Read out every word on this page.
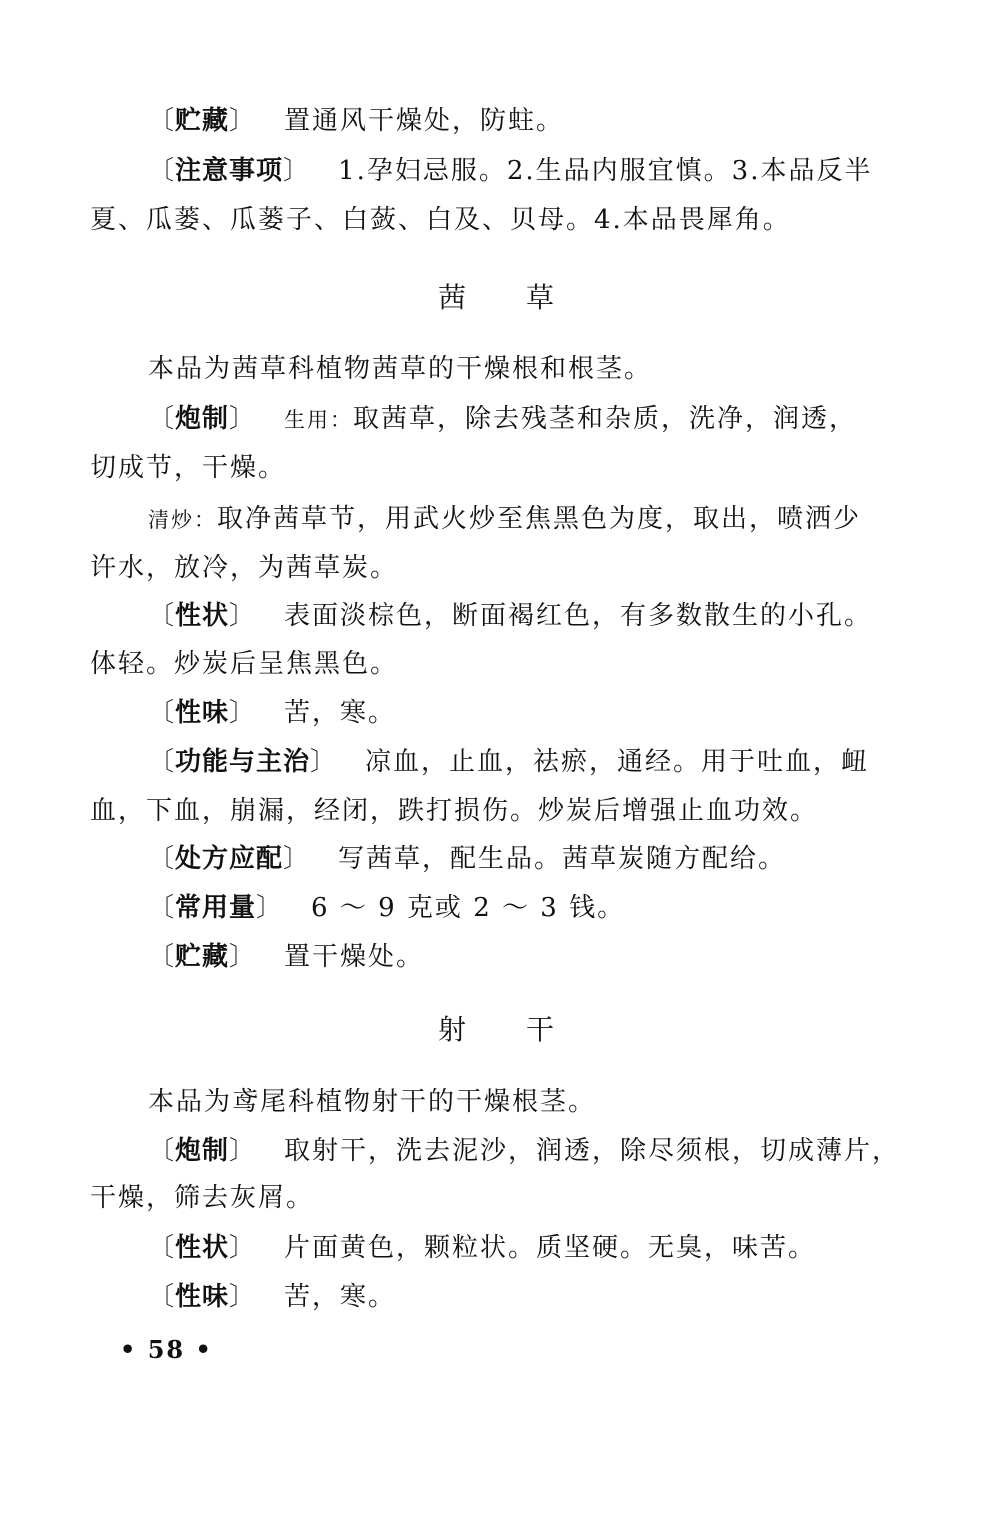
〔贮藏〕 置通风干燥处，防蛀。
〔注意事项〕 1.孕妇忌服。2.生品内服宜慎。3.本品反半
夏、瓜蒌、瓜蒌子、白蔹、白及、贝母。4.本品畏犀角。
茜草
本品为茜草科植物茜草的干燥根和根茎。
〔炮制〕 生用：取茜草，除去残茎和杂质，洗净，润透，
切成节，干燥。
清炒：取净茜草节，用武火炒至焦黑色为度，取出，喷洒少
许水，放冷，为茜草炭。
〔性状〕 表面淡棕色，断面褐红色，有多数散生的小孔。
体轻。炒炭后呈焦黑色。
〔性味〕 苦，寒。
〔功能与主治〕 凉血，止血，祛瘀，通经。用于吐血，衄
血，下血，崩漏，经闭，跌打损伤。炒炭后增强止血功效。
〔处方应配〕 写茜草，配生品。茜草炭随方配给。
〔常用量〕 6 ～ 9 克或 2 ～ 3 钱。
〔贮藏〕 置干燥处。
射干
本品为鸢尾科植物射干的干燥根茎。
〔炮制〕 取射干，洗去泥沙，润透，除尽须根，切成薄片，
干燥，筛去灰屑。
〔性状〕 片面黄色，颗粒状。质坚硬。无臭，味苦。
〔性味〕 苦，寒。
• 58 •
